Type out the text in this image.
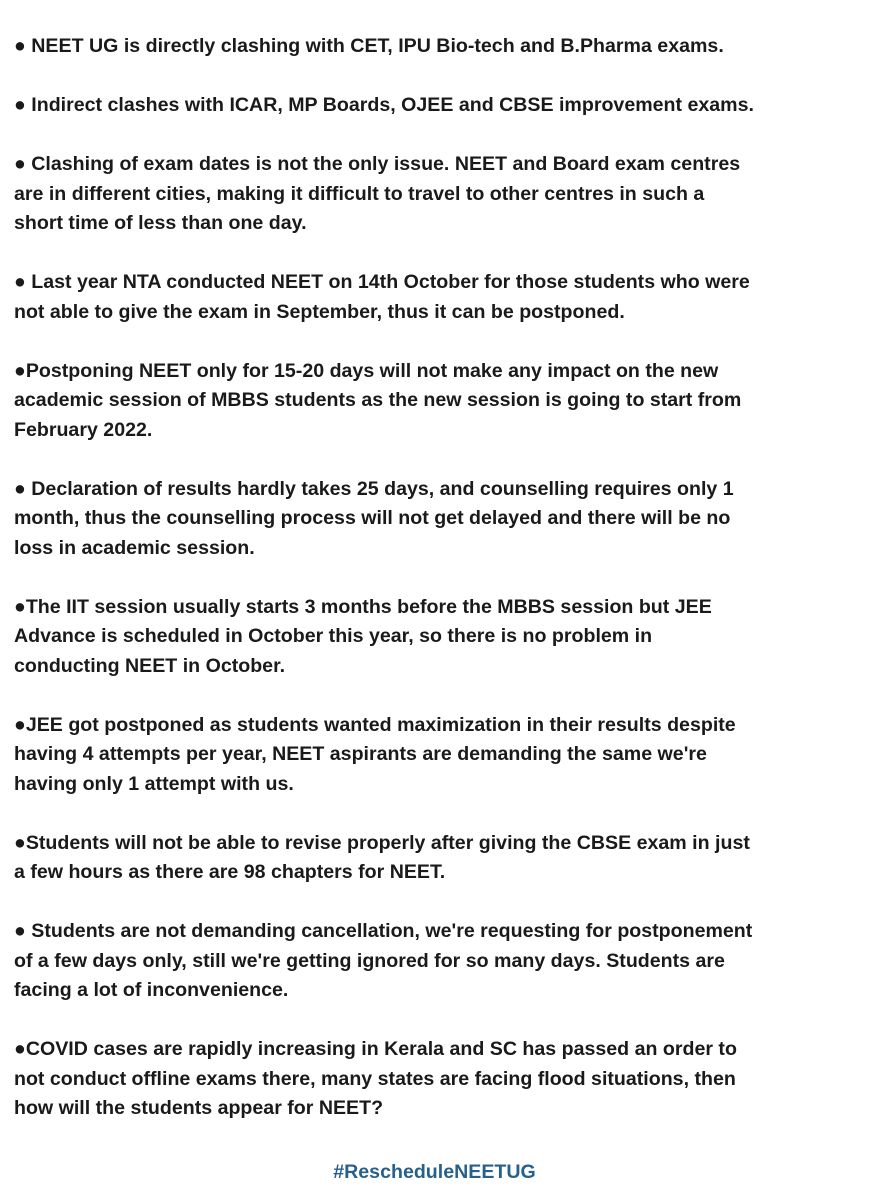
● NEET UG is directly clashing with CET, IPU Bio-tech and B.Pharma exams.

● Indirect clashes with ICAR, MP Boards, OJEE and CBSE improvement exams.

● Clashing of exam dates is not the only issue. NEET and Board exam centres
are in different cities, making it difficult to travel to other centres in such a
short time of less than one day.

● Last year NTA conducted NEET on 14th October for those students who were
not able to give the exam in September, thus it can be postponed.

●Postponing NEET only for 15-20 days will not make any impact on the new
academic session of MBBS students as the new session is going to start from
February 2022.

● Declaration of results hardly takes 25 days, and counselling requires only 1
month, thus the counselling process will not get delayed and there will be no
loss in academic session.

●The IIT session usually starts 3 months before the MBBS session but JEE
Advance is scheduled in October this year, so there is no problem in
conducting NEET in October.

●JEE got postponed as students wanted maximization in their results despite
having 4 attempts per year, NEET aspirants are demanding the same we're
having only 1 attempt with us.

●Students will not be able to revise properly after giving the CBSE exam in just
a few hours as there are 98 chapters for NEET.

● Students are not demanding cancellation, we're requesting for postponement
of a few days only, still we're getting ignored for so many days. Students are
facing a lot of inconvenience.

●COVID cases are rapidly increasing in Kerala and SC has passed an order to
not conduct offline exams there, many states are facing flood situations, then
how will the students appear for NEET?

#RescheduleNEETUG
